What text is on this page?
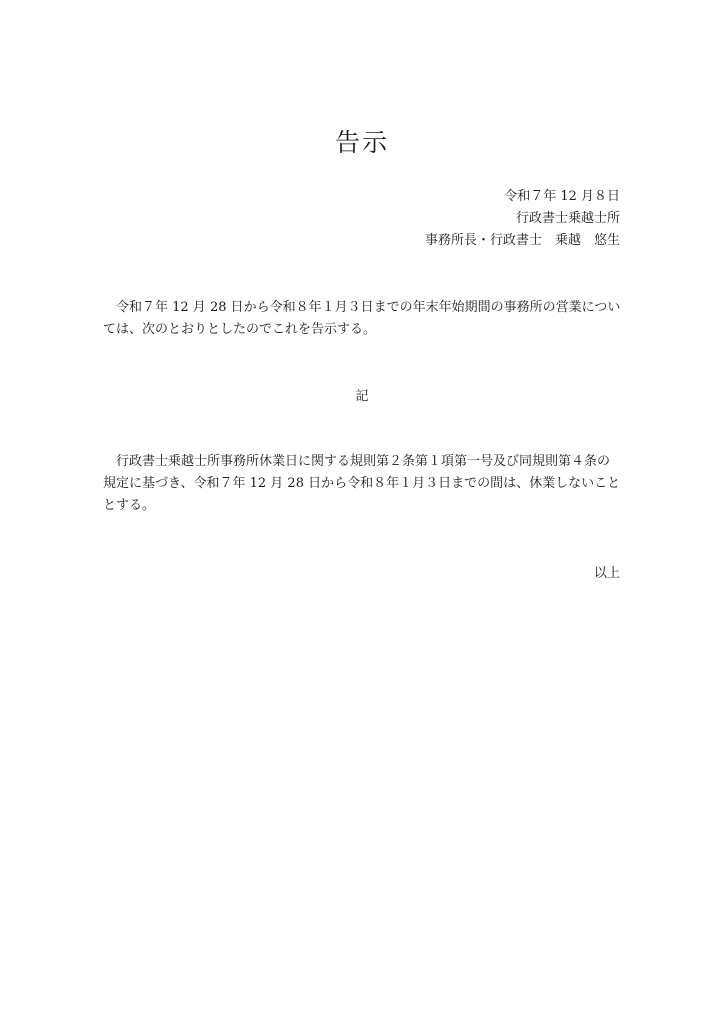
告示
令和７年 12 月８日
行政書士乗越士所
事務所長・行政書士　乗越　悠生

令和７年 12 月 28 日から令和８年１月３日までの年末年始期間の事務所の営業については、次のとおりとしたのでこれを告示する。

記

行政書士乗越士所事務所休業日に関する規則第２条第１項第一号及び同規則第４条の規定に基づき、令和７年 12 月 28 日から令和８年１月３日までの間は、休業しないこととする。

以上
